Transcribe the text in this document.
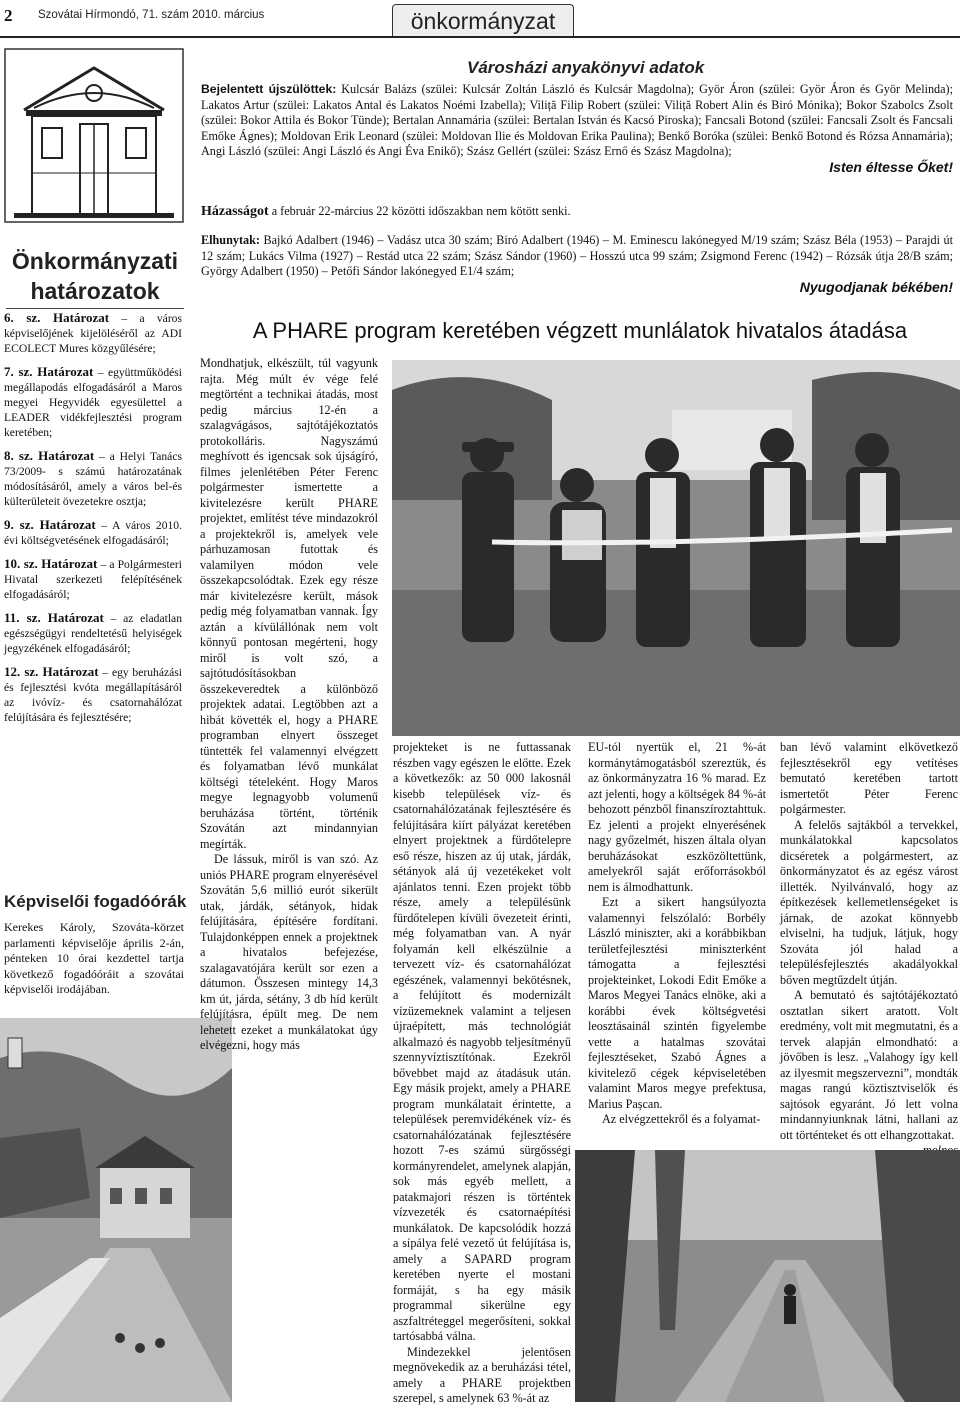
2 Szovátai Hírmondó, 71. szám 2010. március	önkormányzat
Önkormányzati
határozatok
6. sz. Határozat – a város képviselőjének kijelöléséről az ADI ECOLECT Mures közgyűlésére;
7. sz. Határozat – együttműködési megállapodás elfogadásáról a Maros megyei Hegyvidék egyesülettel a LEADER vidékfejlesztési program keretében;
8. sz. Határozat – a Helyi Tanács 73/2009- s számú határozatának módosításáról, amely a város bel-és külterületeit övezetekre osztja;
9. sz. Határozat – A város 2010. évi költségvetésének elfogadásáról;
10. sz. Határozat – a Polgármesteri Hivatal szerkezeti felépítésének elfogadásáról;
11. sz. Határozat – az eladatlan egészségügyi rendeltetésű helyiségek jegyzékének elfogadásáról;
12. sz. Határozat – egy beruházási és fejlesztési kvóta megállapításáról az ivóvíz- és csatornahálózat felújítására és fejlesztésére;
Képviselői fogadóórák
Kerekes Károly, Szováta-körzet parlamenti képviselője április 2-án, pénteken 10 órai kezdettel tartja következő fogadóóráit a szovátai képviselői irodájában.
Városházi anyakönyvi adatok
Bejelentett újszülöttek: Kulcsár Balázs (szülei: Kulcsár Zoltán László és Kulcsár Magdolna); Györ Áron (szülei: Györ Áron és Györ Melinda); Lakatos Artur (szülei: Lakatos Antal és Lakatos Noémi Izabella); Viliță Filip Robert (szülei: Viliță Robert Alin és Biró Mónika); Bokor Szabolcs Zsolt (szülei: Bokor Attila és Bokor Tünde); Bertalan Annamária (szülei: Bertalan István és Kacsó Piroska); Fancsali Botond (szülei: Fancsali Zsolt és Fancsali Emőke Ágnes); Moldovan Erik Leonard (szülei: Moldovan Ilie és Moldovan Erika Paulina); Benkő Boróka (szülei: Benkő Botond és Rózsa Annamária); Angi László (szülei: Angi László és Angi Éva Enikő); Szász Gellért (szülei: Szász Ernő és Szász Magdolna);
Isten éltesse Őket!
Házasságot a február 22-március 22 közötti időszakban nem kötött senki.
Elhunytak: Bajkó Adalbert (1946) – Vadász utca 30 szám; Biró Adalbert (1946) – M. Eminescu lakónegyed M/19 szám; Szász Béla (1953) – Parajdi út 12 szám; Lukács Vilma (1927) – Restád utca 22 szám; Szász Sándor (1960) – Hosszú utca 99 szám; Zsigmond Ferenc (1942) – Rózsák útja 28/B szám; György Adalbert (1950) – Petőfi Sándor lakónegyed E1/4 szám;
Nyugodjanak békében!
A PHARE program keretében végzett munlálatok hivatalos átadása

Mondhatjuk, elkészült, túl vagyunk rajta. Még múlt év vége felé megtörtént a technikai átadás, most pedig március 12-én a szalagvágásos, sajtótájékoztatós protokolláris. Nagyszámú meghívott és igencsak sok újságíró, filmes jelenlétében Péter Ferenc polgármester ismertette a kivitelezésre került PHARE projektet, említést téve mindazokról a projektekről is, amelyek vele párhuzamosan futottak és valamilyen módon vele összekapcsolódtak. Ezek egy része már kivitelezésre került, mások pedig még folyamatban vannak. Így aztán a kívülállónak nem volt könnyű pontosan megérteni, hogy miről is volt szó, a sajtótudósításokban összekeveredtek a különböző projektek adatai. Legtöbben azt a hibát követték el, hogy a PHARE programban elnyert összeget tüntették fel valamennyi elvégzett és folyamatban lévő munkálat költségi tételeként. Hogy Maros megye legnagyobb volumenű beruházása történt, történik Szovátán azt mindannyian megírták.

De lássuk, miről is van szó. Az uniós PHARE program elnyerésével Szovátán 5,6 millió eurót sikerült utak, járdák, sétányok, hidak felújítására, építésére fordítani. Tulajdonképpen ennek a projektnek a hivatalos befejezése, szalagavatójára került sor ezen a dátumon. Összesen mintegy 14,3 km út, járda, sétány, 3 db híd került felújításra, épült meg. De nem lehetett ezeket a munkálatokat úgy elvégezni, hogy más

projekteket is ne futtassanak részben vagy egészen le előtte. Ezek a következők: az 50 000 lakosnál kisebb települések víz- és csatornahálózatának fejlesztésére és felújítására kiírt pályázat keretében elnyert projektnek a fürdőtelepre eső része, hiszen az új utak, járdák, sétányok alá új vezetékeket volt ajánlatos tenni. Ezen projekt több része, amely a településünk fürdőtelepen kívüli övezeteit érinti, még folyamatban van. A nyár folyamán kell elkészülnie a tervezett víz- és csatornahálózat egészének, valamennyi bekötésnek, a felújított és modernizált vízüzemeknek valamint a teljesen újraépített, más technológiát alkalmazó és nagyobb teljesítményű szennyvíztisztítónak. Ezekről bővebbet majd az átadásuk után. Egy másik projekt, amely a PHARE program munkálatait érintette, a települések peremvidékének víz- és csatornahálózatának fejlesztésére hozott 7-es számú sürgősségi kormányrendelet, amelynek alapján, sok más egyéb mellett, a patakmajori részen is történtek vízvezeték és csatornaépítési munkálatok. De kapcsolódik hozzá a sípálya felé vezető út felújítása is, amely a SAPARD program keretében nyerte el mostani formáját, s ha egy másik programmal sikerülne egy aszfaltréteggel megerősíteni, sokkal tartósabbá válna.

Mindezekkel jelentősen megnövekedik az a beruházási tétel, amely a PHARE projektben szerepel, s amelynek 63 %-át az

EU-tól nyertük el, 21 %-át kormánytámogatásból szereztük, és az önkormányzatra 16 % marad. Ez azt jelenti, hogy a költségek 84 %-át behozott pénzből finanszíroztahttuk. Ez jelenti a projekt elnyerésének nagy győzelmét, hiszen általa olyan beruházásokat eszközöltettünk, amelyekről saját erőforrásokból nem is álmodhattunk.

Ezt a sikert hangsúlyozta valamennyi felszólaló: Borbély László miniszter, aki a korábbikban területfejlesztési miniszterként támogatta a fejlesztési projekteinket, Lokodi Edit Emőke a Maros Megyei Tanács elnöke, aki a korábbi évek költségvetési leosztásainál szintén figyelembe vette a hatalmas szovátai fejlesztéseket, Szabó Ágnes a kivitelező cégek képviseletében valamint Maros megye prefektusa, Marius Pașcan.

Az elvégzettekről és a folyamat-

ban lévő valamint elkövetkező fejlesztésekről egy vetítéses bemutató keretében tartott ismertetőt Péter Ferenc polgármester.

A felelős sajtákból a tervekkel, munkálatokkal kapcsolatos dicséretek a polgármestert, az önkormányzatot és az egész várost illették. Nyilvánvaló, hogy az építkezések kellemetlenségeket is járnak, de azokat könnyebb elviselni, ha tudjuk, látjuk, hogy Szováta jól halad a településfejlesztés akadályokkal bőven megtűzdelt útján.

A bemutató és sajtótájékoztató osztatlan sikert aratott. Volt eredmény, volt mit megmutatni, és a tervek alapján elmondható: a jövőben is lesz. „Valahogy így kell az ilyesmit megszervezni”, mondták magas rangú köztisztviselők és sajtósok egyaránt. Jó lett volna mindannyiunknak látni, hallani az ott történteket és ott elhangzottakat.
